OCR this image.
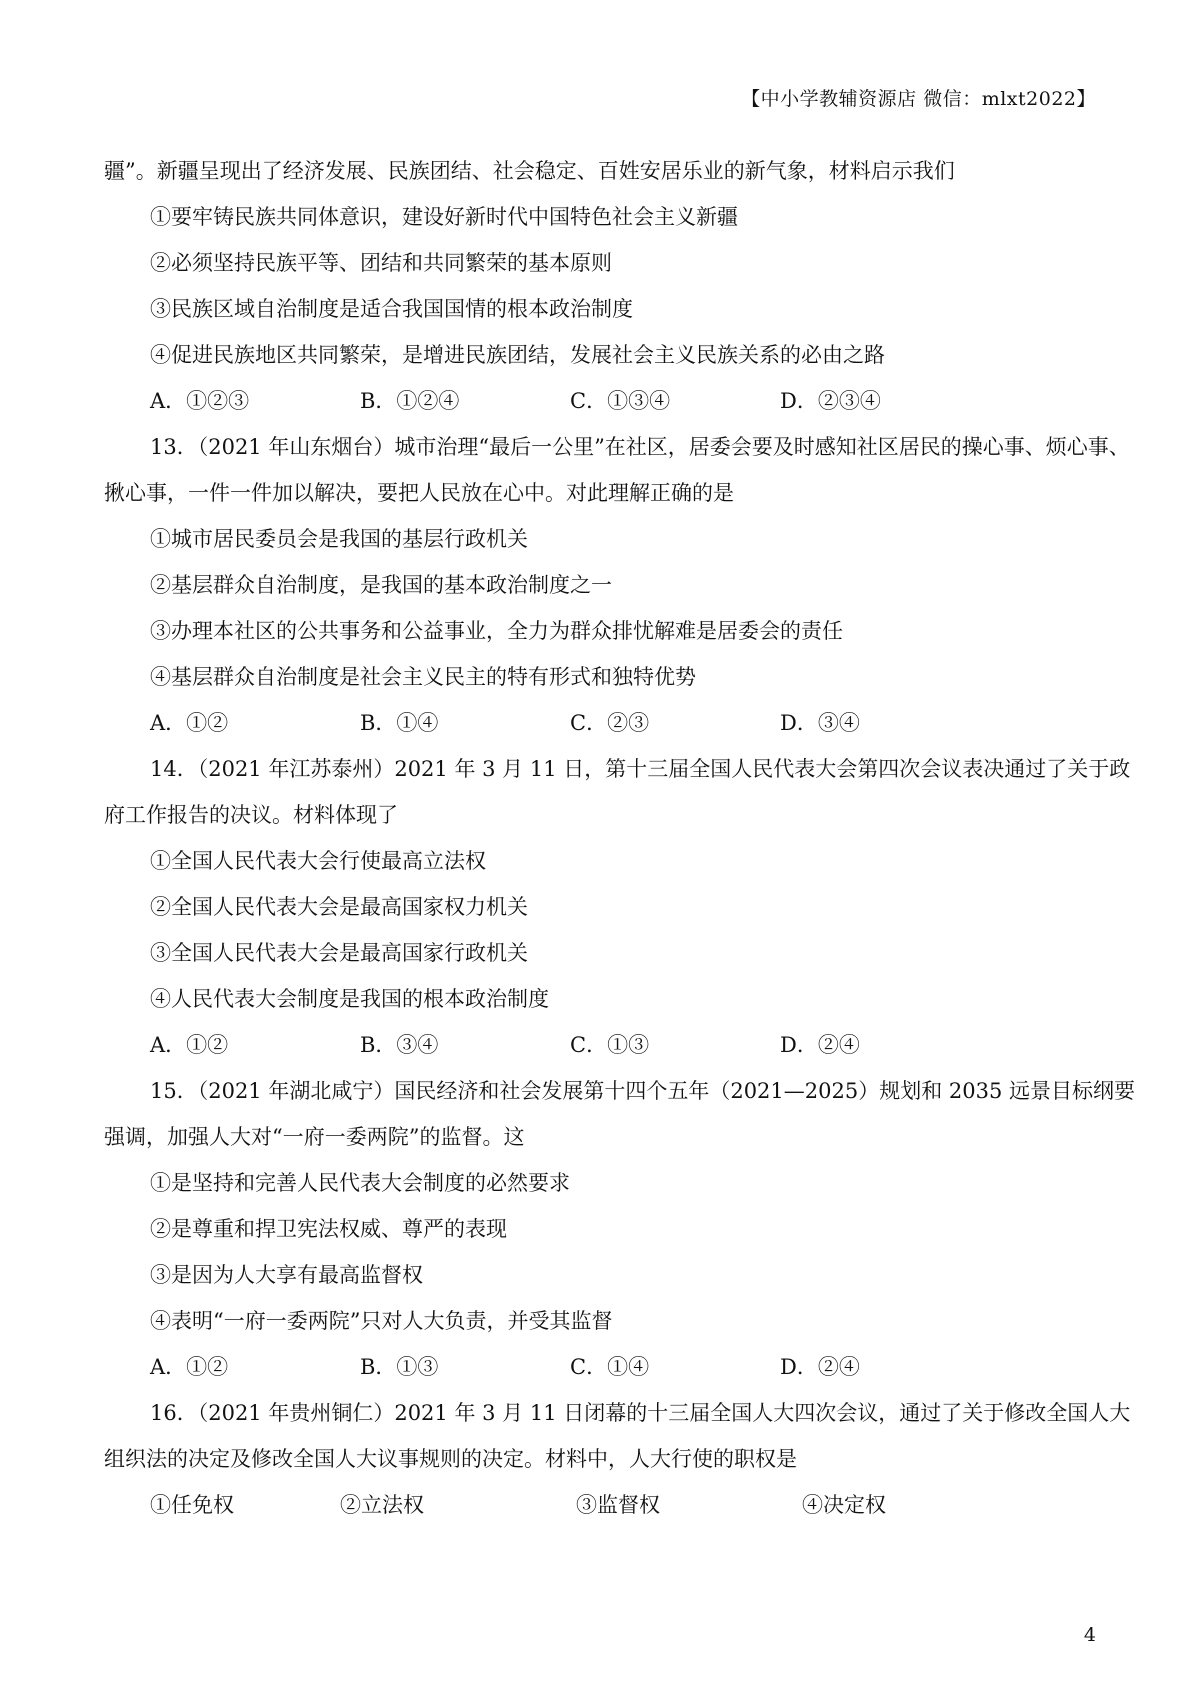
【中小学教辅资源店 微信：mlxt2022】
疆”。新疆呈现出了经济发展、民族团结、社会稳定、百姓安居乐业的新气象，材料启示我们
①要牢铸民族共同体意识，建设好新时代中国特色社会主义新疆
②必须坚持民族平等、团结和共同繁荣的基本原则
③民族区域自治制度是适合我国国情的根本政治制度
④促进民族地区共同繁荣，是增进民族团结，发展社会主义民族关系的必由之路
A．①②③	B．①②④	C．①③④	D．②③④
13．（2021 年山东烟台）城市治理“最后一公里”在社区，居委会要及时感知社区居民的操心事、烦心事、
揪心事，一件一件加以解决，要把人民放在心中。对此理解正确的是
①城市居民委员会是我国的基层行政机关
②基层群众自治制度，是我国的基本政治制度之一
③办理本社区的公共事务和公益事业，全力为群众排忧解难是居委会的责任
④基层群众自治制度是社会主义民主的特有形式和独特优势
A．①②	B．①④	C．②③	D．③④
14．（2021 年江苏泰州）2021 年 3 月 11 日，第十三届全国人民代表大会第四次会议表决通过了关于政
府工作报告的决议。材料体现了
①全国人民代表大会行使最高立法权
②全国人民代表大会是最高国家权力机关
③全国人民代表大会是最高国家行政机关
④人民代表大会制度是我国的根本政治制度
A．①②	B．③④	C．①③	D．②④
15．（2021 年湖北咸宁）国民经济和社会发展第十四个五年（2021—2025）规划和 2035 远景目标纲要
强调，加强人大对“一府一委两院”的监督。这
①是坚持和完善人民代表大会制度的必然要求
②是尊重和捍卫宪法权威、尊严的表现
③是因为人大享有最高监督权
④表明“一府一委两院”只对人大负责，并受其监督
A．①②	B．①③	C．①④	D．②④
16．（2021 年贵州铜仁）2021 年 3 月 11 日闭幕的十三届全国人大四次会议，通过了关于修改全国人大
组织法的决定及修改全国人大议事规则的决定。材料中，人大行使的职权是
①任免权	②立法权	③监督权	④决定权
4
